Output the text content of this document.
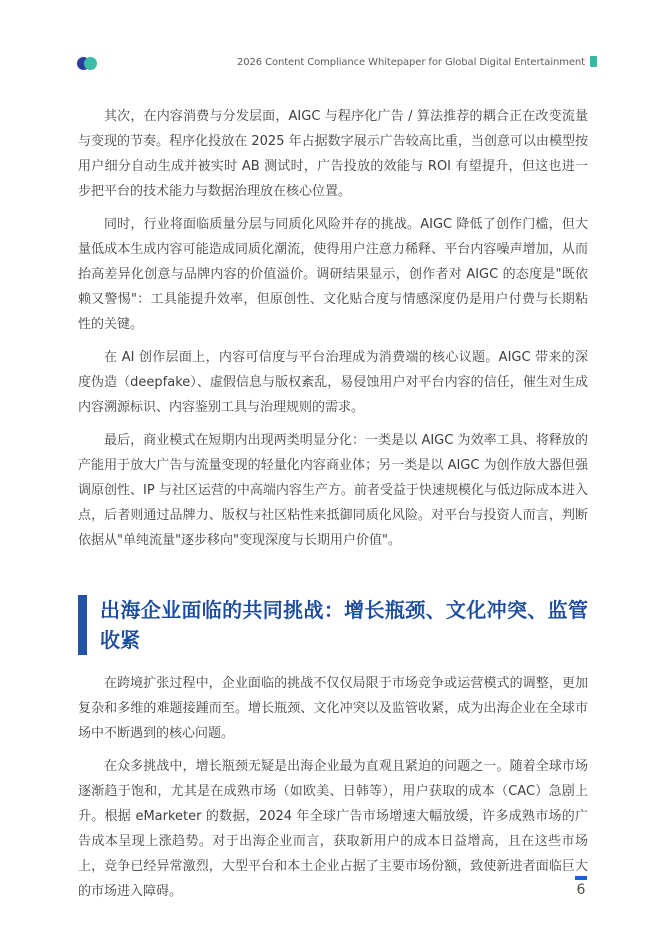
2026 Content Compliance Whitepaper for Global Digital Entertainment

其次，在内容消费与分发层面，AIGC 与程序化广告 / 算法推荐的耦合正在改变流量与变现的节奏。程序化投放在 2025 年占据数字展示广告较高比重，当创意可以由模型按用户细分自动生成并被实时 AB 测试时，广告投放的效能与 ROI 有望提升，但这也进一步把平台的技术能力与数据治理放在核心位置。

同时，行业将面临质量分层与同质化风险并存的挑战。AIGC 降低了创作门槛，但大量低成本生成内容可能造成同质化潮流，使得用户注意力稀释、平台内容噪声增加，从而抬高差异化创意与品牌内容的价值溢价。调研结果显示，创作者对 AIGC 的态度是"既依赖又警惕"：工具能提升效率，但原创性、文化贴合度与情感深度仍是用户付费与长期粘性的关键。

在 AI 创作层面上，内容可信度与平台治理成为消费端的核心议题。AIGC 带来的深度伪造（deepfake）、虚假信息与版权紊乱，易侵蚀用户对平台内容的信任，催生对生成内容溯源标识、内容鉴别工具与治理规则的需求。

最后，商业模式在短期内出现两类明显分化：一类是以 AIGC 为效率工具、将释放的产能用于放大广告与流量变现的轻量化内容商业体；另一类是以 AIGC 为创作放大器但强调原创性、IP 与社区运营的中高端内容生产方。前者受益于快速规模化与低边际成本进入点，后者则通过品牌力、版权与社区粘性来抵御同质化风险。对平台与投资人而言，判断依据从"单纯流量"逐步移向"变现深度与长期用户价值"。

出海企业面临的共同挑战：增长瓶颈、文化冲突、监管收紧

在跨境扩张过程中，企业面临的挑战不仅仅局限于市场竞争或运营模式的调整，更加复杂和多维的难题接踵而至。增长瓶颈、文化冲突以及监管收紧，成为出海企业在全球市场中不断遇到的核心问题。

在众多挑战中，增长瓶颈无疑是出海企业最为直观且紧迫的问题之一。随着全球市场逐渐趋于饱和，尤其是在成熟市场（如欧美、日韩等），用户获取的成本（CAC）急剧上升。根据 eMarketer 的数据，2024 年全球广告市场增速大幅放缓，许多成熟市场的广告成本呈现上涨趋势。对于出海企业而言，获取新用户的成本日益增高，且在这些市场上，竞争已经异常激烈，大型平台和本土企业占据了主要市场份额，致使新进者面临巨大的市场进入障碍。	6
